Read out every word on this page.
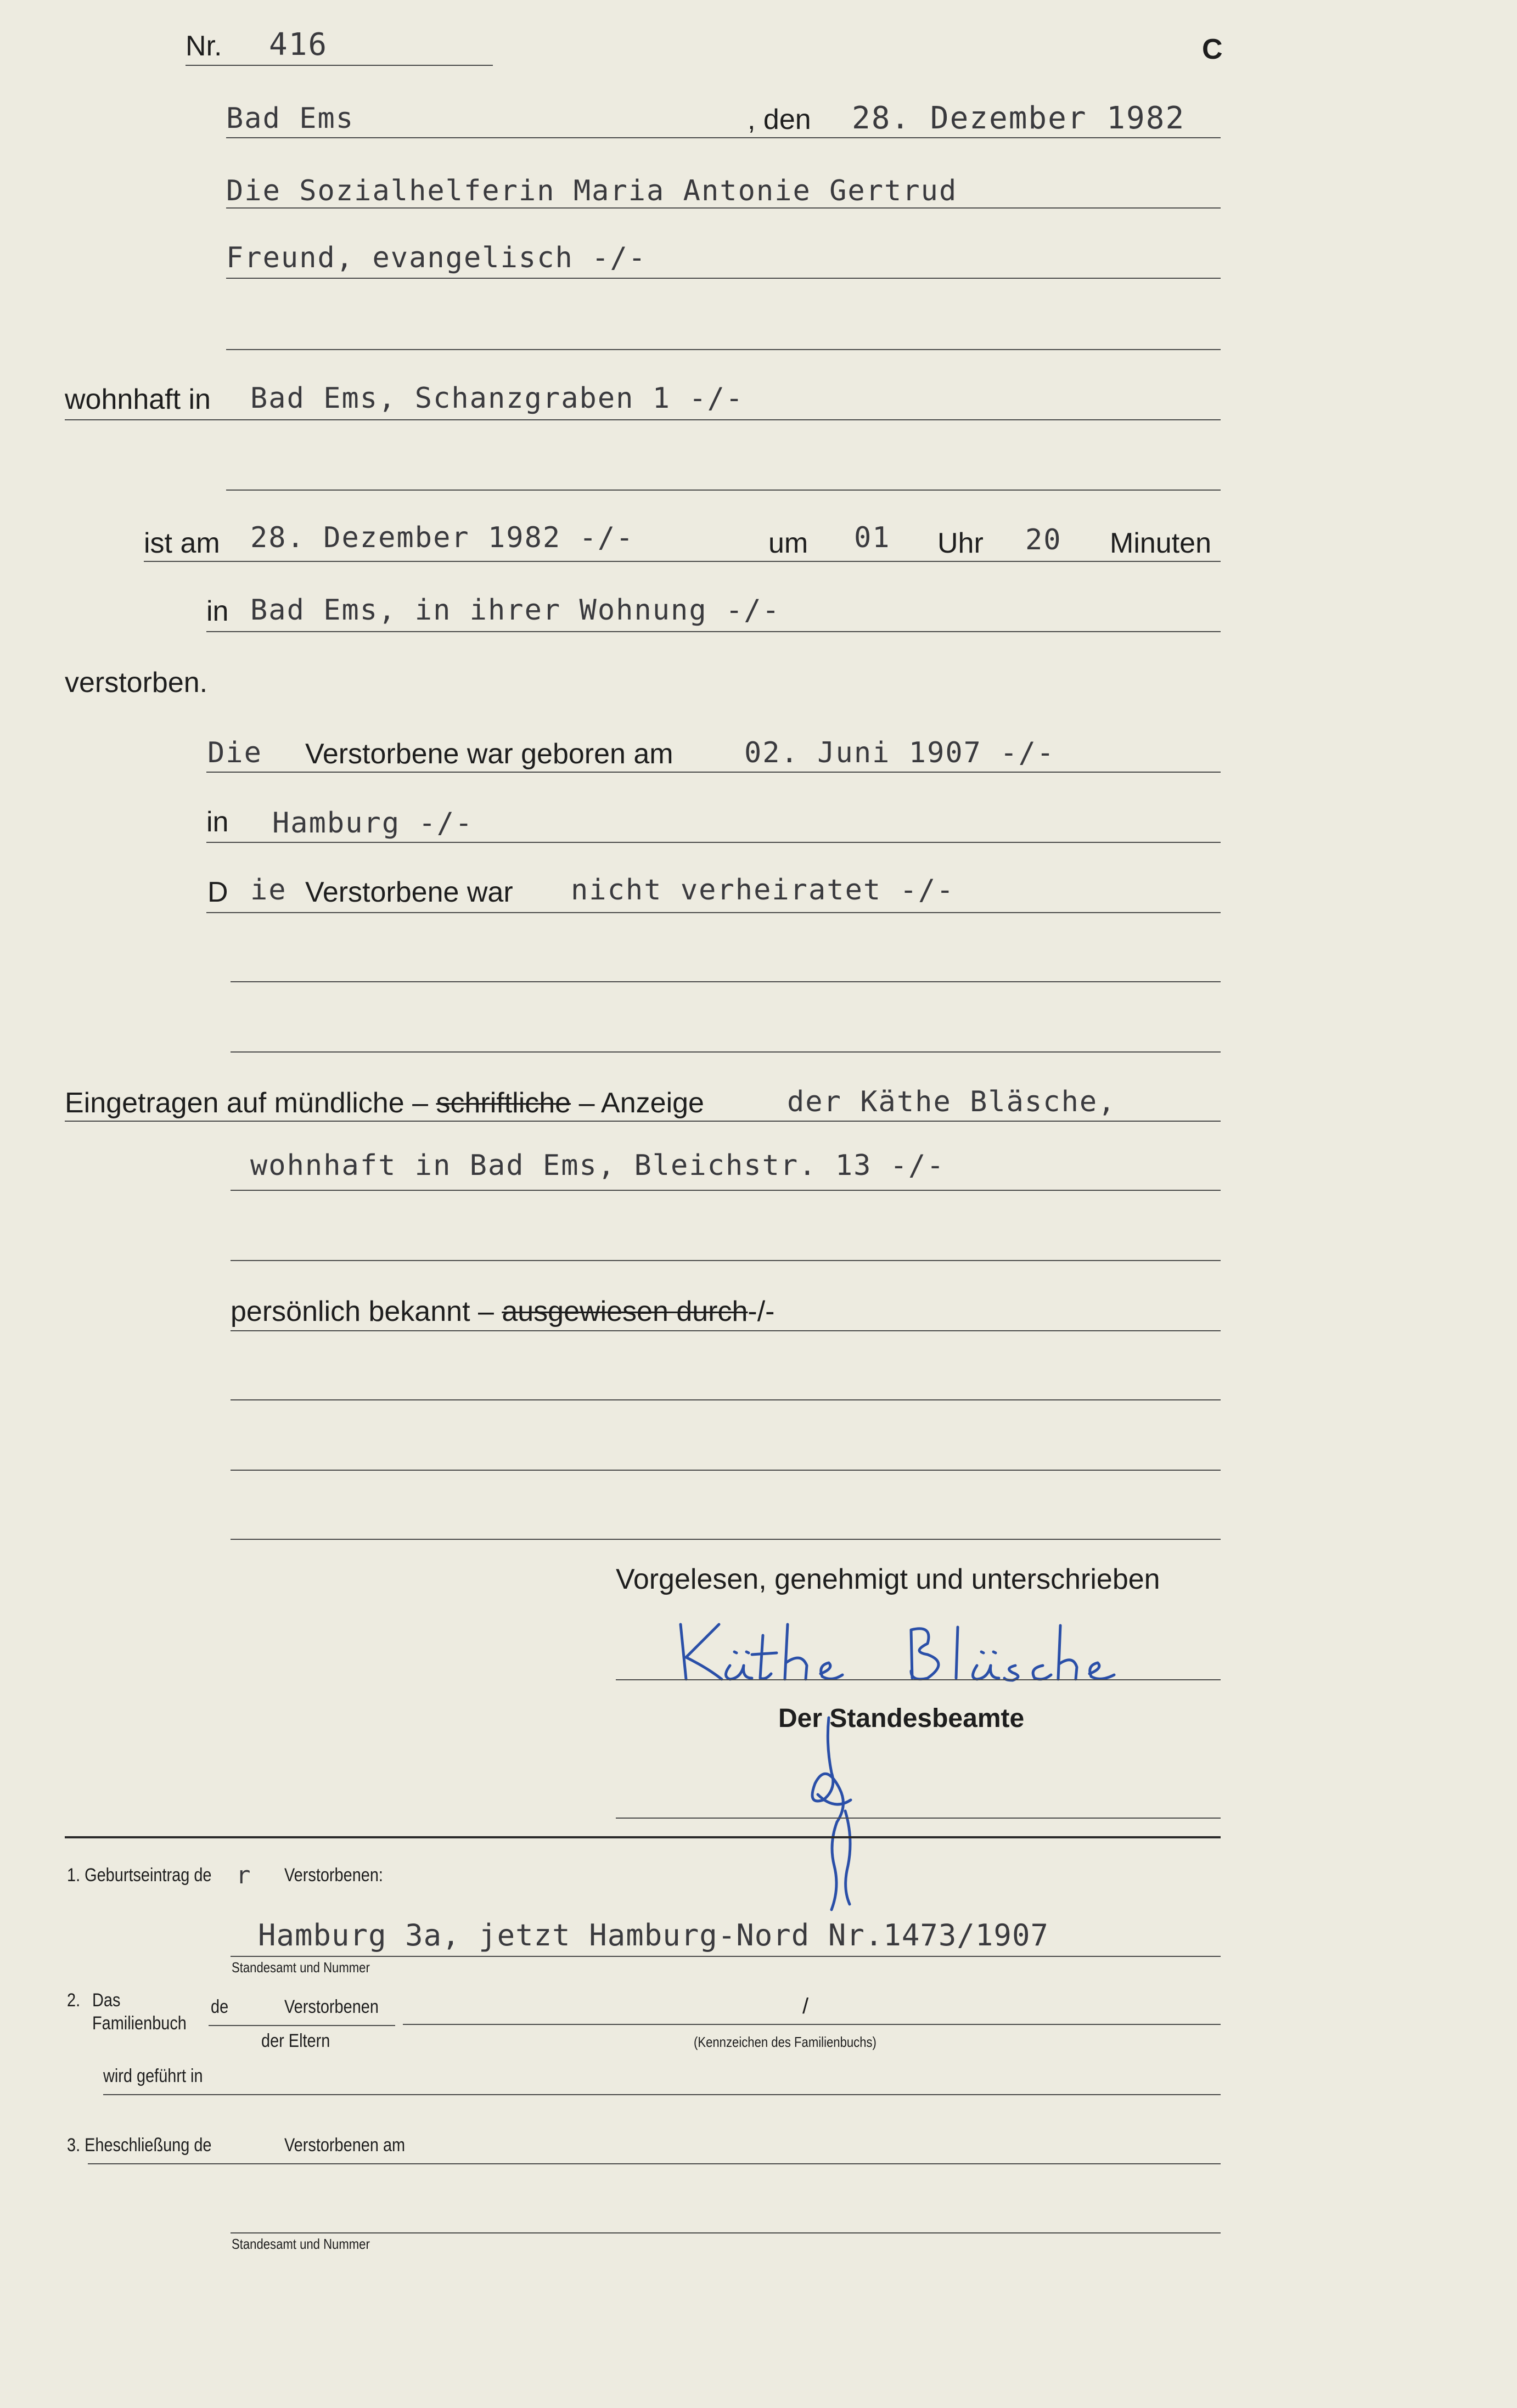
Nr. 416	C
Bad Ems	, den 28. Dezember 1982
Die Sozialhelferin Maria Antonie Gertrud
Freund, evangelisch -/-
wohnhaft in Bad Ems, Schanzgraben 1 -/-
ist am 28. Dezember 1982 -/-	um 01 Uhr 20 Minuten
in Bad Ems, in ihrer Wohnung -/-
verstorben.
Die Verstorbene war geboren am 02. Juni 1907 -/-
in Hamburg -/-
D ie Verstorbene war nicht verheiratet -/-
Eingetragen auf mündliche – schriftliche – Anzeige	der Käthe Bläsche,
wohnhaft in Bad Ems, Bleichstr. 13 -/-
persönlich bekannt – ausgewiesen durch-/-
Vorgelesen, genehmigt und unterschrieben
Der Standesbeamte
1. Geburtseintrag de r Verstorbenen:
Hamburg 3a, jetzt Hamburg-Nord Nr.1473/1907
Standesamt und Nummer
2. Das
Familienbuch
de	Verstorbenen
der Eltern
/
(Kennzeichen des Familienbuchs)
wird geführt in
3. Eheschließung de	Verstorbenen am
Standesamt und Nummer
